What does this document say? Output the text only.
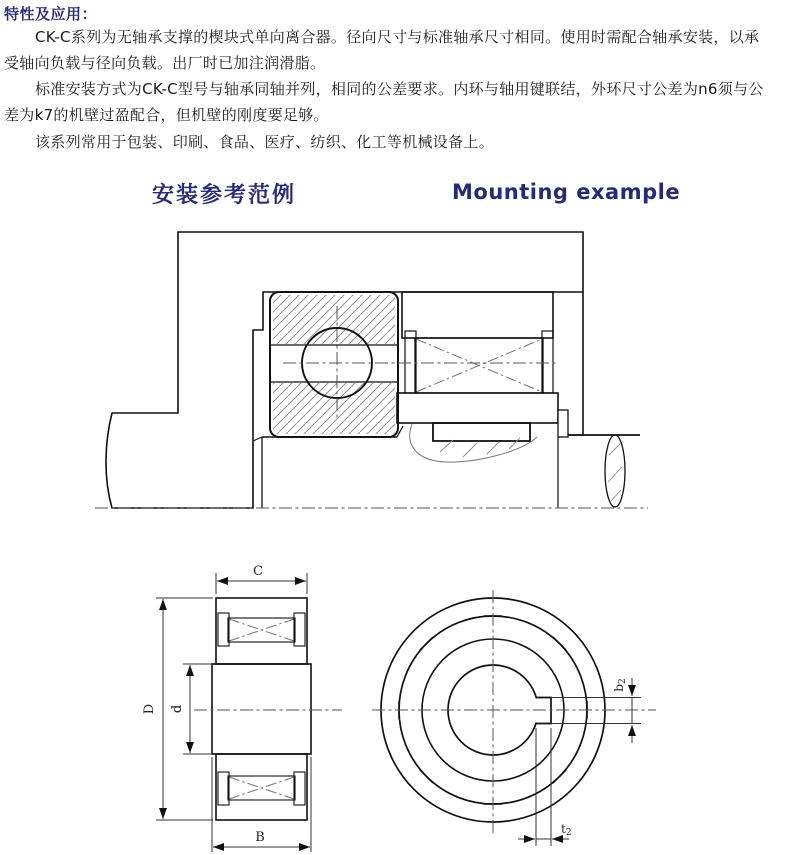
特性及应用：
CK-C系列为无轴承支撑的楔块式单向离合器。径向尺寸与标准轴承尺寸相同。使用时需配合轴承安装，以承
受轴向负载与径向负载。出厂时已加注润滑脂。
标准安装方式为CK-C型号与轴承同轴并列，相同的公差要求。内环与轴用键联结，外环尺寸公差为n6须与公
差为k7的机壁过盈配合，但机壁的刚度要足够。
该系列常用于包装、印刷、食品、医疗、纺织、化工等机械设备上。
安装参考范例	Mounting example
C
B
D d
b2
t2
